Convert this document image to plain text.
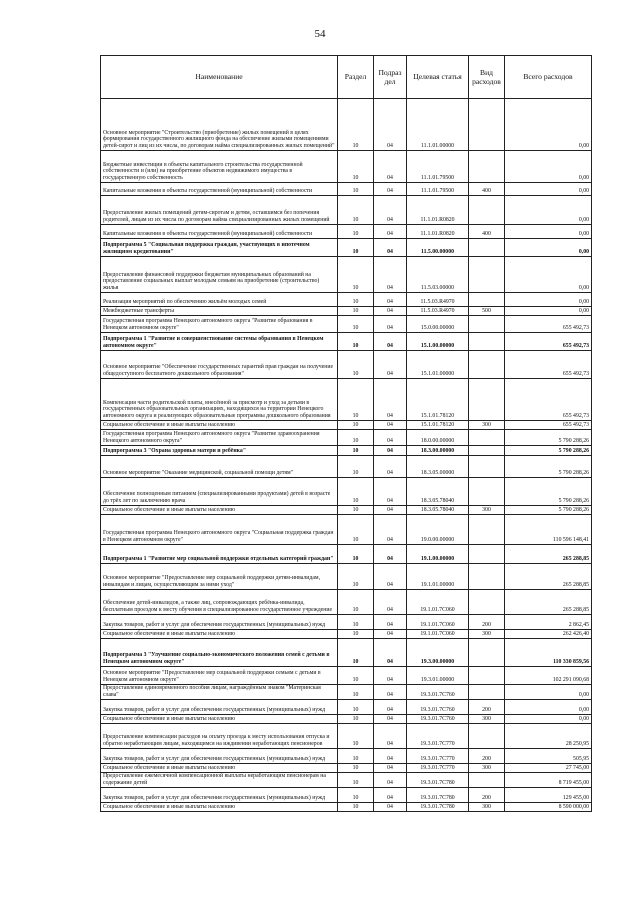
54
Наименование	Раздел	Подраз дел	Целевая статья	Вид расходов	Всего расходов
Основное мероприятие "Строительство (приобретение) жилых помещений в целях формирования государственного жилищного фонда на обеспечение жилыми помещениями детей-сирот и лиц из их числа, по договорам найма специализированных жилых помещений"	10	04	11.1.01.00000		0,00
Бюджетные инвестиции в объекты капитального строительства государственной собственности и (или) на приобретение объектов недвижимого имущества в государственную собственность	10	04	11.1.01.79500		0,00
Капитальные вложения в объекты государственной (муниципальной) собственности	10	04	11.1.01.79500	400	0,00
Предоставление жилых помещений детям-сиротам и детям, оставшимся без попечения родителей, лицам из их числа по договорам найма специализированных жилых помещений	10	04	11.1.01.R0820		0,00
Капитальные вложения в объекты государственной (муниципальной) собственности	10	04	11.1.01.R0820	400	0,00
Подпрограмма 5 "Социальная поддержка граждан, участвующих в ипотечном жилищном кредитовании"	10	04	11.5.00.00000		0,00
Предоставление финансовой поддержки бюджетам муниципальных образований на предоставление социальных выплат молодым семьям на приобретение (строительство) жилья	10	04	11.5.03.00000		0,00
Реализация мероприятий по обеспечению жильём молодых семей	10	04	11.5.03.R4970		0,00
Межбюджетные трансферты	10	04	11.5.03.R4970	500	0,00
Государственная программа Ненецкого автономного округа "Развитие образования в Ненецком автономном округе"	10	04	15.0.00.00000		655 492,73
Подпрограмма 1 "Развитие и совершенствование системы образования в Ненецком автономном округе"	10	04	15.1.00.00000		655 492,73
Основное мероприятие "Обеспечение государственных гарантий прав граждан на получение общедоступного бесплатного дошкольного образования"	10	04	15.1.01.00000		655 492,73
Компенсация части родительской платы, внесённой за присмотр и уход за детьми в государственных образовательных организациях, находящихся на территории Ненецкого автономного округа и реализующих образовательные программы дошкольного образования	10	04	15.1.01.78120		655 492,73
Социальное обеспечение и иные выплаты населению	10	04	15.1.01.78120	300	655 492,73
Государственная программа Ненецкого автономного округа "Развитие здравоохранения Ненецкого автономного округа"	10	04	18.0.00.00000		5 790 288,26
Подпрограмма 3 "Охрана здоровья матери и ребёнка"	10	04	18.3.00.00000		5 790 288,26
Основное мероприятие "Оказание медицинской, социальной помощи детям"	10	04	18.3.05.00000		5 790 288,26
Обеспечение полноценным питанием (специализированными продуктами) детей в возрасте до трёх лет по заключению врача	10	04	18.3.05.78040		5 790 288,26
Социальное обеспечение и иные выплаты населению	10	04	18.3.05.78040	300	5 790 288,26
Государственная программа Ненецкого автономного округа "Социальная поддержка граждан в Ненецком автономном округе"	10	04	19.0.00.00000		110 596 148,41
Подпрограмма 1 "Развитие мер социальной поддержки отдельных категорий граждан"	10	04	19.1.00.00000		265 288,85
Основное мероприятие "Предоставление мер социальной поддержки детям-инвалидам, инвалидам и лицам, осуществляющим за ними уход"	10	04	19.1.01.00000		265 288,85
Обеспечение детей-инвалидов, а также лиц, сопровождающих ребёнка-инвалида, бесплатным проездом к месту обучения в специализированное государственное учреждение	10	04	19.1.01.7C060		265 288,85
Закупка товаров, работ и услуг для обеспечения государственных (муниципальных) нужд	10	04	19.1.01.7C060	200	2 862,45
Социальное обеспечение и иные выплаты населению	10	04	19.1.01.7C060	300	262 426,40
Подпрограмма 3 "Улучшение социально-экономического положения семей с детьми в Ненецком автономном округе"	10	04	19.3.00.00000		110 330 859,56
Основное мероприятие "Предоставление мер социальной поддержки семьям с детьми в Ненецком автономном округе"	10	04	19.3.01.00000		102 291 090,68
Предоставление единовременного пособия лицам, награждённым знаком "Материнская слава"	10	04	19.3.01.7C760		0,00
Закупка товаров, работ и услуг для обеспечения государственных (муниципальных) нужд	10	04	19.3.01.7C760	200	0,00
Социальное обеспечение и иные выплаты населению	10	04	19.3.01.7C760	300	0,00
Предоставление компенсации расходов на оплату проезда к месту использования отпуска и обратно неработающим лицам, находящимся на иждивении неработающих пенсионеров	10	04	19.3.01.7C770		28 250,95
Закупка товаров, работ и услуг для обеспечения государственных (муниципальных) нужд	10	04	19.3.01.7C770	200	505,95
Социальное обеспечение и иные выплаты населению	10	04	19.3.01.7C770	300	27 745,00
Предоставление ежемесячной компенсационной выплаты неработающим пенсионерам на содержание детей	10	04	19.3.01.7C780		8 719 455,00
Закупка товаров, работ и услуг для обеспечения государственных (муниципальных) нужд	10	04	19.3.01.7C780	200	129 455,00
Социальное обеспечение и иные выплаты населению	10	04	19.3.01.7C780	300	8 590 000,00
